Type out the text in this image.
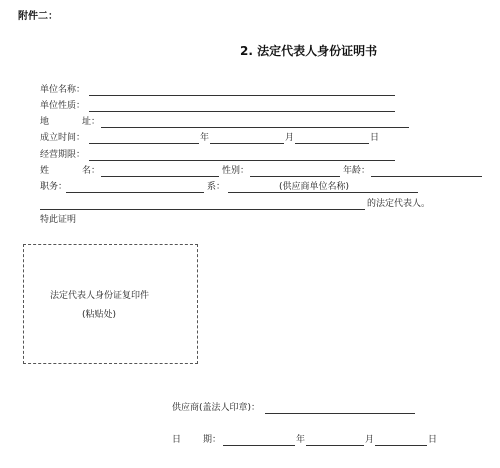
附件二：
2. 法定代表人身份证明书
单位名称：
单位性质：
地	址：
成立时间：	年	月	日
经营期限：
姓	名：	性别：	年龄：
职务：	系：	(供应商单位名称)
的法定代表人。
特此证明
法定代表人身份证复印件
(粘贴处)
供应商(盖法人印章)：
日 期：	年	月	日
